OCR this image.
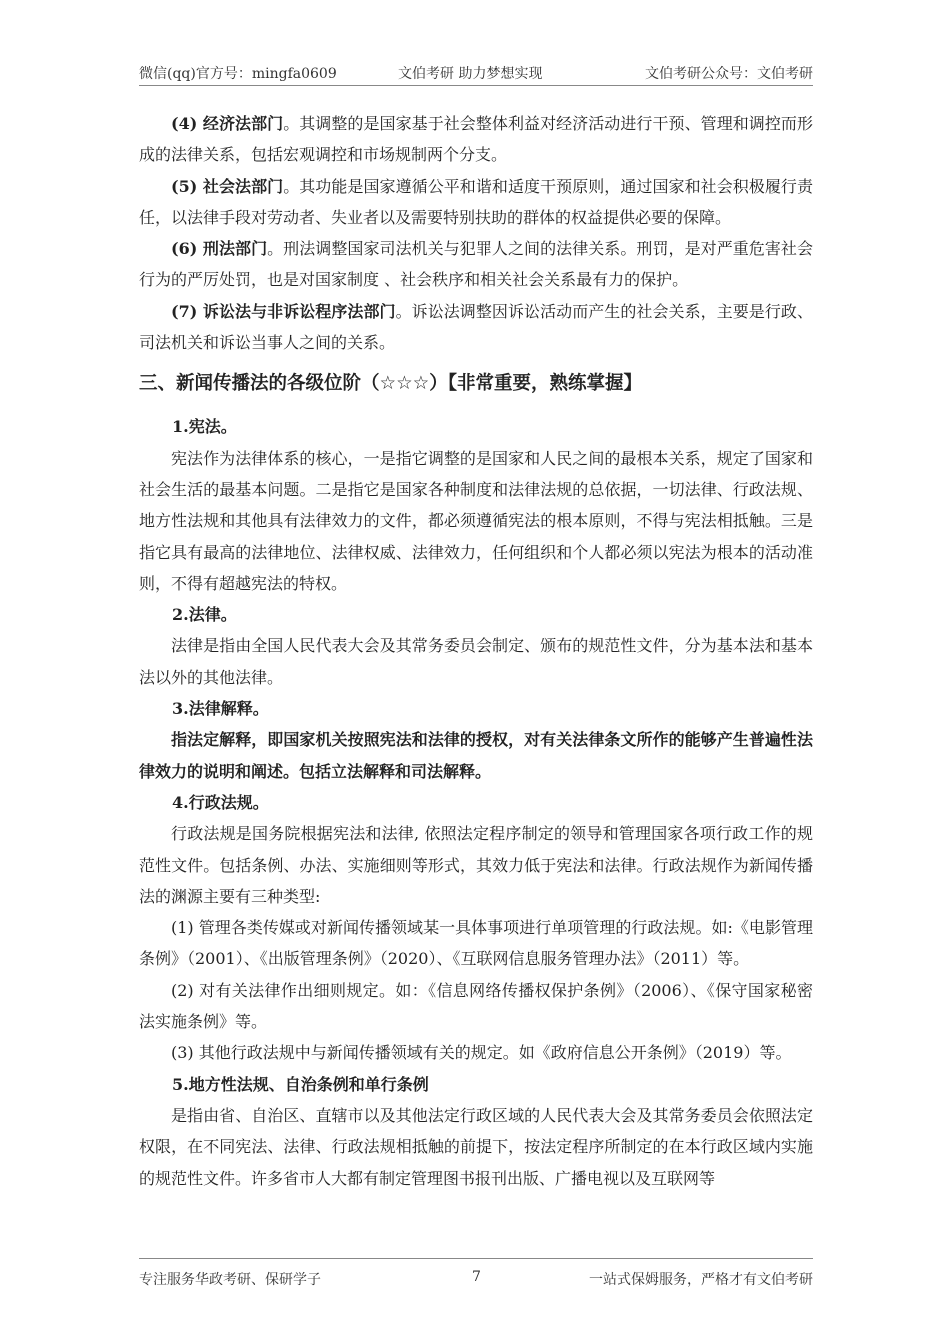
微信(qq)官方号：mingfa0609	文伯考研 助力梦想实现	文伯考研公众号：文伯考研

(4) 经济法部门。其调整的是国家基于社会整体利益对经济活动进行干预、管理和调控而形成的法律关系，包括宏观调控和市场规制两个分支。

(5) 社会法部门。其功能是国家遵循公平和谐和适度干预原则，通过国家和社会积极履行责任，以法律手段对劳动者、失业者以及需要特别扶助的群体的权益提供必要的保障。

(6) 刑法部门。刑法调整国家司法机关与犯罪人之间的法律关系。刑罚，是对严重危害社会行为的严厉处罚，也是对国家制度 、社会秩序和相关社会关系最有力的保护。

(7) 诉讼法与非诉讼程序法部门。诉讼法调整因诉讼活动而产生的社会关系，主要是行政、司法机关和诉讼当事人之间的关系。

三、新闻传播法的各级位阶（☆☆☆）【非常重要，熟练掌握】

1.宪法。

宪法作为法律体系的核心，一是指它调整的是国家和人民之间的最根本关系，规定了国家和社会生活的最基本问题。二是指它是国家各种制度和法律法规的总依据，一切法律、行政法规、地方性法规和其他具有法律效力的文件，都必须遵循宪法的根本原则，不得与宪法相抵触。三是指它具有最高的法律地位、法律权威、法律效力，任何组织和个人都必须以宪法为根本的活动准则，不得有超越宪法的特权。

2.法律。

法律是指由全国人民代表大会及其常务委员会制定、颁布的规范性文件，分为基本法和基本法以外的其他法律。

3.法律解释。

指法定解释，即国家机关按照宪法和法律的授权，对有关法律条文所作的能够产生普遍性法律效力的说明和阐述。包括立法解释和司法解释。

4.行政法规。

行政法规是国务院根据宪法和法律, 依照法定程序制定的领导和管理国家各项行政工作的规范性文件。包括条例、办法、实施细则等形式，其效力低于宪法和法律。行政法规作为新闻传播法的渊源主要有三种类型:

(1) 管理各类传媒或对新闻传播领域某一具体事项进行单项管理的行政法规。如:《电影管理条例》（2001）、《出版管理条例》（2020）、《互联网信息服务管理办法》（2011）等。

(2) 对有关法律作出细则规定。如：《信息网络传播权保护条例》（2006）、《保守国家秘密法实施条例》等。

(3) 其他行政法规中与新闻传播领域有关的规定。如《政府信息公开条例》（2019）等。

5.地方性法规、自治条例和单行条例

是指由省、自治区、直辖市以及其他法定行政区域的人民代表大会及其常务委员会依照法定权限，在不同宪法、法律、行政法规相抵触的前提下，按法定程序所制定的在本行政区域内实施的规范性文件。许多省市人大都有制定管理图书报刊出版、广播电视以及互联网等

专注服务华政考研、保研学子	7	一站式保姆服务，严格才有文伯考研
